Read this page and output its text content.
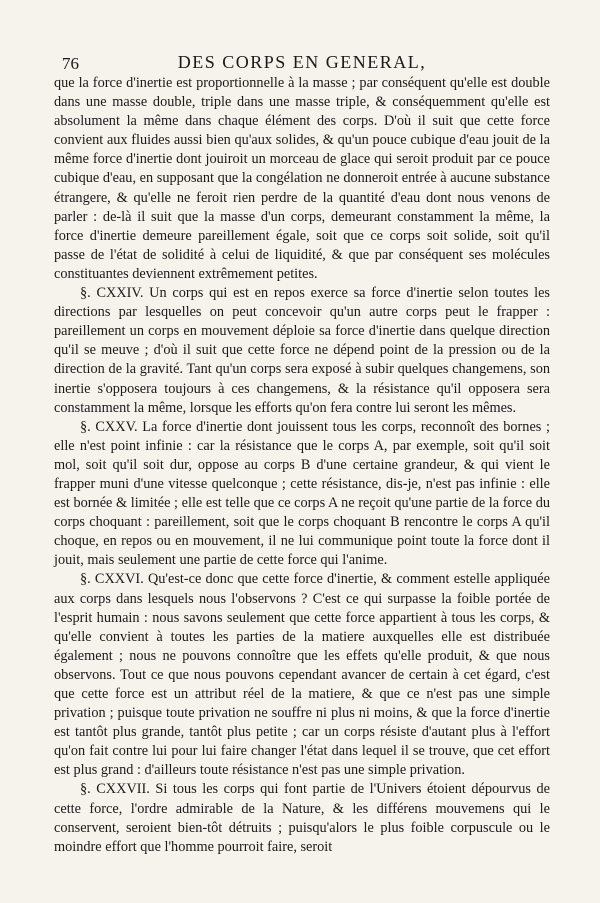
76	DES CORPS EN GENERAL,

que la force d'inertie est proportionnelle à la masse ; par conséquent qu'elle est double dans une masse double, triple dans une masse triple, & conséquemment qu'elle est absolument la même dans chaque élément des corps. D'où il suit que cette force convient aux fluides aussi bien qu'aux solides, & qu'un pouce cubique d'eau jouit de la même force d'inertie dont jouiroit un morceau de glace qui seroit produit par ce pouce cubique d'eau, en supposant que la congélation ne donneroit entrée à aucune substance étrangere, & qu'elle ne feroit rien perdre de la quantité d'eau dont nous venons de parler : de-là il suit que la masse d'un corps, demeurant constamment la même, la force d'inertie demeure pareillement égale, soit que ce corps soit solide, soit qu'il passe de l'état de solidité à celui de liquidité, & que par conséquent ses molécules constituantes deviennent extrêmement petites.

§. CXXIV. Un corps qui est en repos exerce sa force d'inertie selon toutes les directions par lesquelles on peut concevoir qu'un autre corps peut le frapper : pareillement un corps en mouvement déploie sa force d'inertie dans quelque direction qu'il se meuve ; d'où il suit que cette force ne dépend point de la pression ou de la direction de la gravité. Tant qu'un corps sera exposé à subir quelques changemens, son inertie s'opposera toujours à ces changemens, & la résistance qu'il opposera sera constamment la même, lorsque les efforts qu'on fera contre lui seront les mêmes.

§. CXXV. La force d'inertie dont jouissent tous les corps, reconnoît des bornes ; elle n'est point infinie : car la résistance que le corps A, par exemple, soit qu'il soit mol, soit qu'il soit dur, oppose au corps B d'une certaine grandeur, & qui vient le frapper muni d'une vitesse quelconque ; cette résistance, dis-je, n'est pas infinie : elle est bornée & limitée ; elle est telle que ce corps A ne reçoit qu'une partie de la force du corps choquant : pareillement, soit que le corps choquant B rencontre le corps A qu'il choque, en repos ou en mouvement, il ne lui communique point toute la force dont il jouit, mais seulement une partie de cette force qui l'anime.

§. CXXVI. Qu'est-ce donc que cette force d'inertie, & comment estelle appliquée aux corps dans lesquels nous l'observons ? C'est ce qui surpasse la foible portée de l'esprit humain : nous savons seulement que cette force appartient à tous les corps, & qu'elle convient à toutes les parties de la matiere auxquelles elle est distribuée également ; nous ne pouvons connoître que les effets qu'elle produit, & que nous observons. Tout ce que nous pouvons cependant avancer de certain à cet égard, c'est que cette force est un attribut réel de la matiere, & que ce n'est pas une simple privation ; puisque toute privation ne souffre ni plus ni moins, & que la force d'inertie est tantôt plus grande, tantôt plus petite ; car un corps résiste d'autant plus à l'effort qu'on fait contre lui pour lui faire changer l'état dans lequel il se trouve, que cet effort est plus grand : d'ailleurs toute résistance n'est pas une simple privation.

§. CXXVII. Si tous les corps qui font partie de l'Univers étoient dépourvus de cette force, l'ordre admirable de la Nature, & les différens mouvemens qui le conservent, seroient bien-tôt détruits ; puisqu'alors le plus foible corpuscule ou le moindre effort que l'homme pourroit faire, seroit
